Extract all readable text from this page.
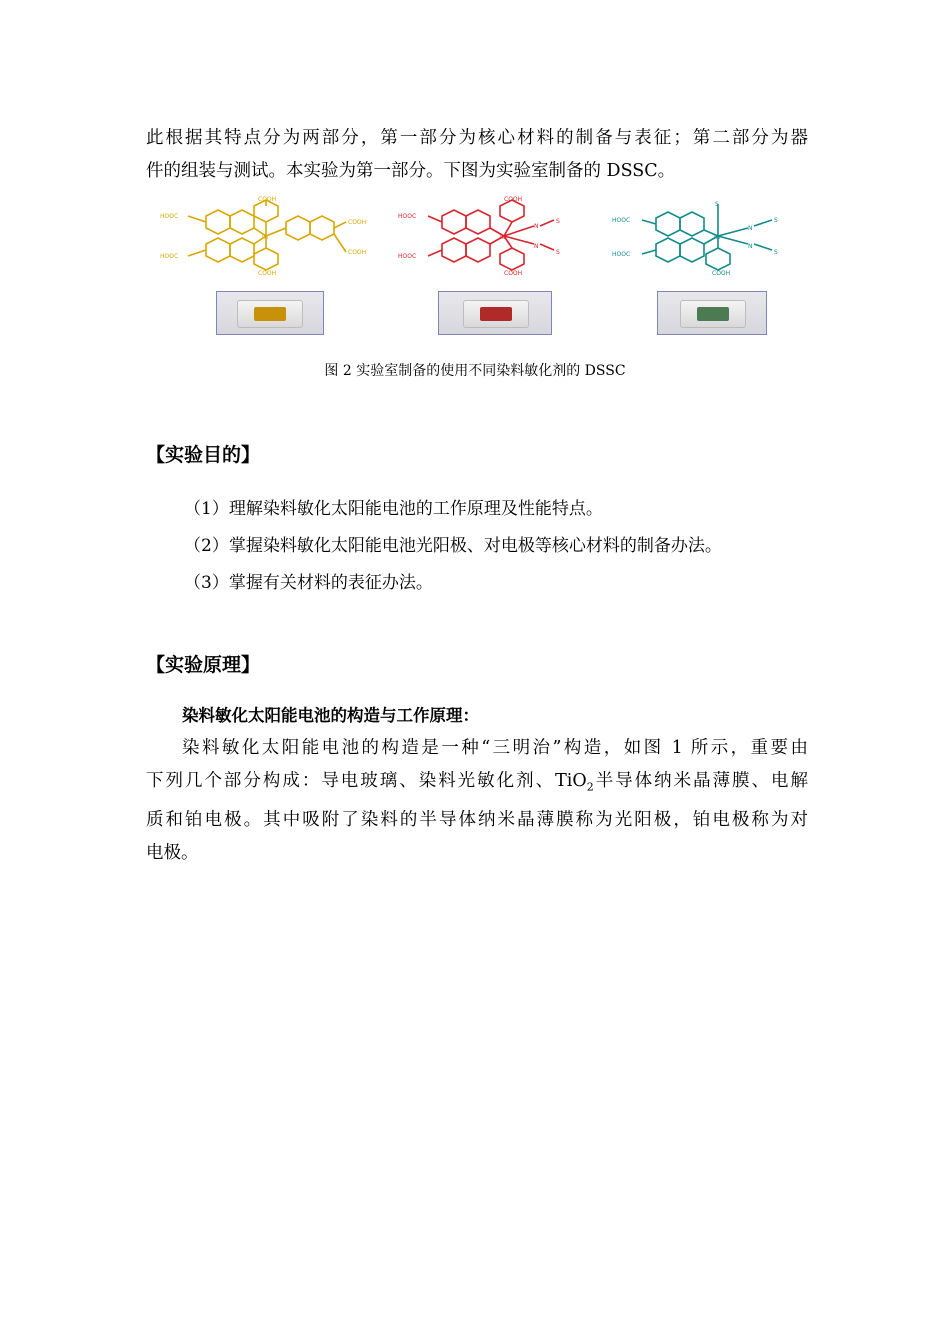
此根据其特点分为两部分，第一部分为核心材料的制备与表征；第二部分为器
件的组装与测试。本实验为第一部分。下图为实验室制备的 DSSC。

HOOC
HOOC
COOH
COOH
COOH
COOH
Ru
HOOC
HOOC
COOH
COOH
N
S
N
S
Ru
HOOC
HOOC
COOH
S
N
S
N
S
Ru

图 2 实验室制备的使用不同染料敏化剂的 DSSC

【实验目的】

（1）理解染料敏化太阳能电池的工作原理及性能特点。

（2）掌握染料敏化太阳能电池光阳极、对电极等核心材料的制备办法。

（3）掌握有关材料的表征办法。

【实验原理】

染料敏化太阳能电池的构造与工作原理：

染料敏化太阳能电池的构造是一种“三明治”构造，如图 1 所示，重要由
下列几个部分构成：导电玻璃、染料光敏化剂、TiO$_2$半导体纳米晶薄膜、电解
质和铂电极。其中吸附了染料的半导体纳米晶薄膜称为光阳极，铂电极称为对
电极。
